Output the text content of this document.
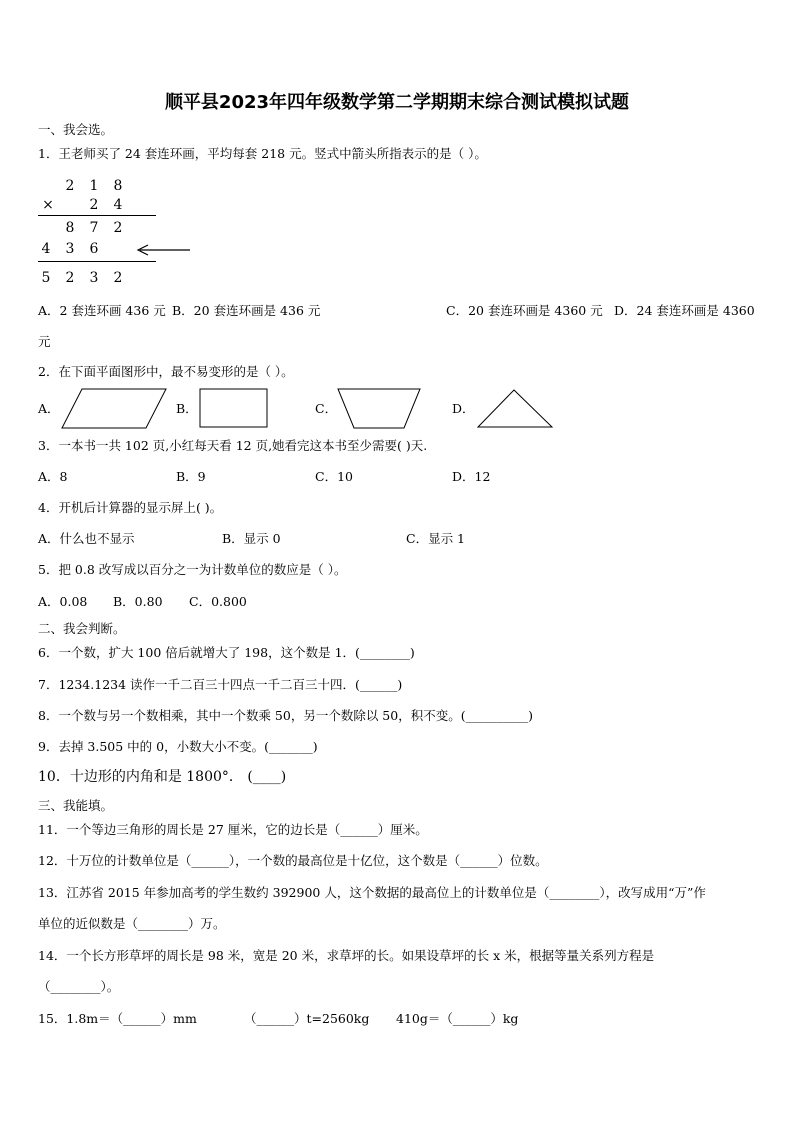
顺平县2023年四年级数学第二学期期末综合测试模拟试题
一、我会选。
1．王老师买了 24 套连环画，平均每套 218 元。竖式中箭头所指表示的是（ ）。
2 1 8
×	2 4
8 7 2
4 3 6
5 2 3 2
A．2 套连环画 436 元 B．20 套连环画是 436 元	C．20 套连环画是 4360 元 D．24 套连环画是 4360
元
2．在下面平面图形中，最不易变形的是（ ）。
A．	B．	C．	D．
3．一本书一共 102 页,小红每天看 12 页,她看完这本书至少需要( )天.
A．8	B．9	C．10	D．12
4．开机后计算器的显示屏上( )。
A．什么也不显示	B．显示 0	C．显示 1
5．把 0.8 改写成以百分之一为计数单位的数应是（ ）。
A．0.08 B．0.80 C．0.800
二、我会判断。
6．一个数，扩大 100 倍后就增大了 198，这个数是 1．(________)
7．1234.1234 读作一千二百三十四点一千二百三十四．(______)
8．一个数与另一个数相乘，其中一个数乘 50，另一个数除以 50，积不变。(__________)
9．去掉 3.505 中的 0，小数大小不变。(_______)
10．十边形的内角和是 1800°． (____)
三、我能填。
11．一个等边三角形的周长是 27 厘米，它的边长是（______）厘米。
12．十万位的计数单位是（______），一个数的最高位是十亿位，这个数是（______）位数。
13．江苏省 2015 年参加高考的学生数约 392900 人，这个数据的最高位上的计数单位是（________），改写成用“万”作
单位的近似数是（________）万。
14．一个长方形草坪的周长是 98 米，宽是 20 米，求草坪的长。如果设草坪的长 x 米，根据等量关系列方程是
（________）。
15．1.8m＝（______）mm	（______）t=2560kg 410g＝（______）kg
